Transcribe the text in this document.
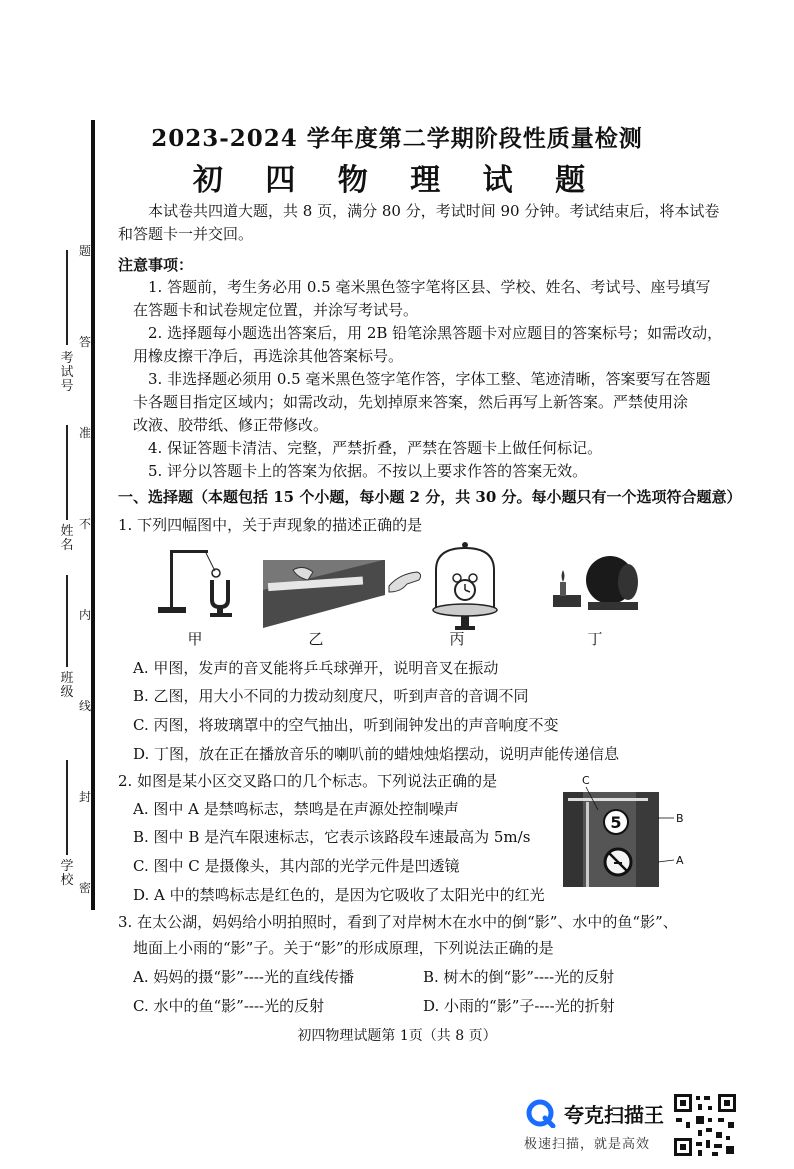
考试号
姓名
班级
学校
题
答
准
不
内
线
封
密
2023-2024 学年度第二学期阶段性质量检测
初 四 物 理 试 题
本试卷共四道大题，共 8 页，满分 80 分，考试时间 90 分钟。考试结束后，将本试卷
和答题卡一并交回。
注意事项：
1. 答题前，考生务必用 0.5 毫米黑色签字笔将区县、学校、姓名、考试号、座号填写
在答题卡和试卷规定位置，并涂写考试号。
2. 选择题每小题选出答案后，用 2B 铅笔涂黑答题卡对应题目的答案标号；如需改动，
用橡皮擦干净后，再选涂其他答案标号。
3. 非选择题必须用 0.5 毫米黑色签字笔作答，字体工整、笔迹清晰，答案要写在答题
卡各题目指定区域内；如需改动，先划掉原来答案，然后再写上新答案。严禁使用涂
改液、胶带纸、修正带修改。
4. 保证答题卡清洁、完整，严禁折叠，严禁在答题卡上做任何标记。
5. 评分以答题卡上的答案为依据。不按以上要求作答的答案无效。
一、选择题（本题包括 15 个小题，每小题 2 分，共 30 分。每小题只有一个选项符合题意）
1. 下列四幅图中，关于声现象的描述正确的是
甲	乙	丙	丁
A. 甲图，发声的音叉能将乒乓球弹开，说明音叉在振动
B. 乙图，用大小不同的力拨动刻度尺，听到声音的音调不同
C. 丙图，将玻璃罩中的空气抽出，听到闹钟发出的声音响度不变
D. 丁图，放在正在播放音乐的喇叭前的蜡烛烛焰摆动，说明声能传递信息
2. 如图是某小区交叉路口的几个标志。下列说法正确的是
A. 图中 A 是禁鸣标志，禁鸣是在声源处控制噪声
B. 图中 B 是汽车限速标志，它表示该路段车速最高为 5m/s
C. 图中 C 是摄像头，其内部的光学元件是凹透镜
D. A 中的禁鸣标志是红色的，是因为它吸收了太阳光中的红光
5
C
B
A
3. 在太公湖，妈妈给小明拍照时，看到了对岸树木在水中的倒“影”、水中的鱼“影”、
地面上小雨的“影”子。关于“影”的形成原理，下列说法正确的是
A. 妈妈的摄“影”----光的直线传播	B. 树木的倒“影”----光的反射
C. 水中的鱼“影”----光的反射	D. 小雨的“影”子----光的折射
初四物理试题第 1页（共 8 页）
夸克扫描王
极速扫描，就是高效
